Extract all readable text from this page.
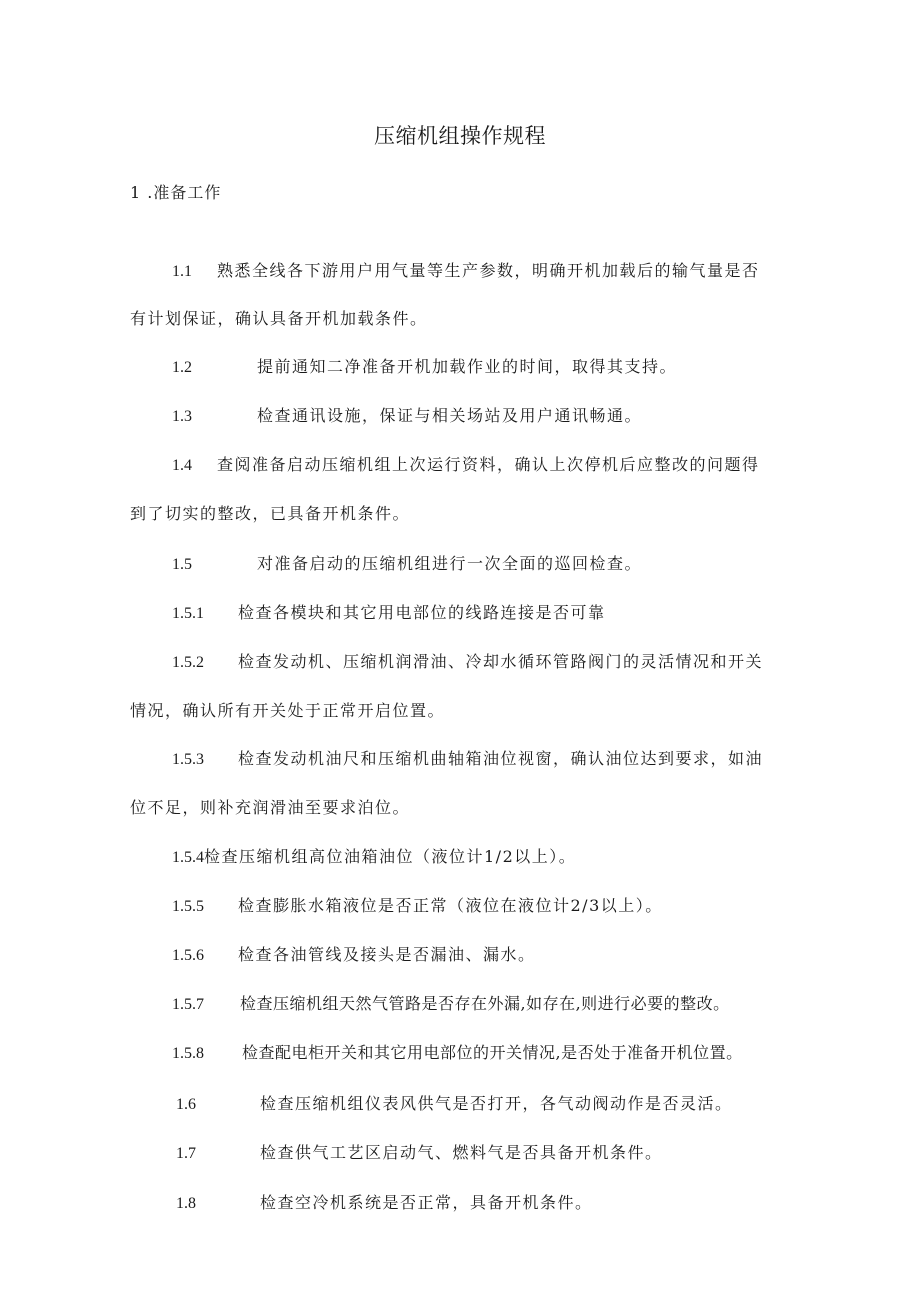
压缩机组操作规程
1 .准备工作
1.1 熟悉全线各下游用户用气量等生产参数，明确开机加载后的输气量是否
有计划保证，确认具备开机加载条件。
1.2	提前通知二净准备开机加载作业的时间，取得其支持。
1.3	检查通讯设施，保证与相关场站及用户通讯畅通。
1.4 查阅准备启动压缩机组上次运行资料，确认上次停机后应整改的问题得
到了切实的整改，已具备开机条件。
1.5	对准备启动的压缩机组进行一次全面的巡回检查。
1.5.1 检查各模块和其它用电部位的线路连接是否可靠
1.5.2 检查发动机、压缩机润滑油、冷却水循环管路阀门的灵活情况和开关
情况，确认所有开关处于正常开启位置。
1.5.3 检查发动机油尺和压缩机曲轴箱油位视窗，确认油位达到要求，如油
位不足，则补充润滑油至要求泊位。
1.5.4检查压缩机组高位油箱油位（液位计1/2以上）。
1.5.5 检查膨胀水箱液位是否正常（液位在液位计2/3以上）。
1.5.6 检查各油管线及接头是否漏油、漏水。
1.5.7 检查压缩机组天然气管路是否存在外漏,如存在,则进行必要的整改。
1.5.8 检查配电柜开关和其它用电部位的开关情况,是否处于准备开机位置。
1.6	检查压缩机组仪表风供气是否打开，各气动阀动作是否灵活。
1.7	检查供气工艺区启动气、燃料气是否具备开机条件。
1.8	检查空冷机系统是否正常，具备开机条件。
